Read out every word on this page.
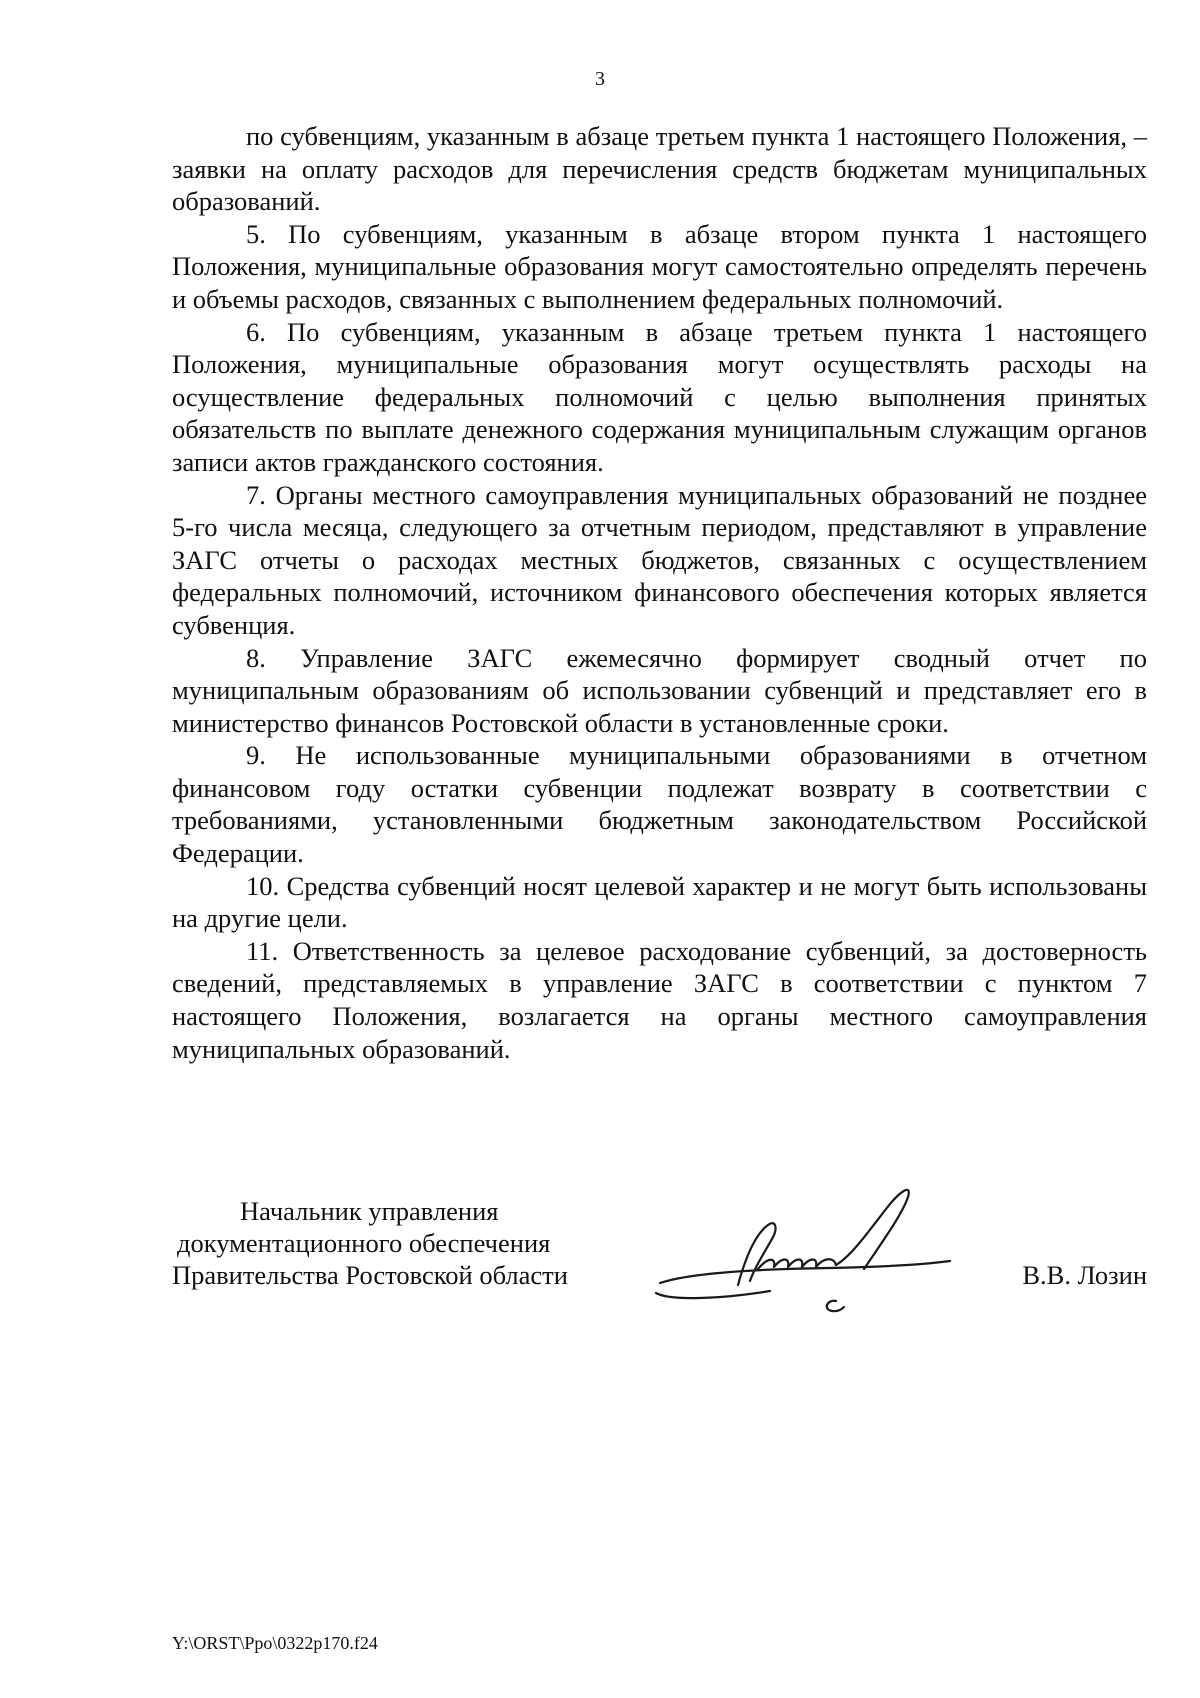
3

по субвенциям, указанным в абзаце третьем пункта 1 настоящего Положения, – заявки на оплату расходов для перечисления средств бюджетам муниципальных образований.

5. По субвенциям, указанным в абзаце втором пункта 1 настоящего Положения, муниципальные образования могут самостоятельно определять перечень и объемы расходов, связанных с выполнением федеральных полномочий.

6. По субвенциям, указанным в абзаце третьем пункта 1 настоящего Положения, муниципальные образования могут осуществлять расходы на осуществление федеральных полномочий с целью выполнения принятых обязательств по выплате денежного содержания муниципальным служащим органов записи актов гражданского состояния.

7. Органы местного самоуправления муниципальных образований не позднее 5-го числа месяца, следующего за отчетным периодом, представляют в управление ЗАГС отчеты о расходах местных бюджетов, связанных с осуществлением федеральных полномочий, источником финансового обеспечения которых является субвенция.

8. Управление ЗАГС ежемесячно формирует сводный отчет по муниципальным образованиям об использовании субвенций и представляет его в министерство финансов Ростовской области в установленные сроки.

9. Не использованные муниципальными образованиями в отчетном финансовом году остатки субвенции подлежат возврату в соответствии с требованиями, установленными бюджетным законодательством Российской Федерации.

10. Средства субвенций носят целевой характер и не могут быть использованы на другие цели.

11. Ответственность за целевое расходование субвенций, за достоверность сведений, представляемых в управление ЗАГС в соответствии с пунктом 7 настоящего Положения, возлагается на органы местного самоуправления муниципальных образований.

Начальник управления
документационного обеспечения
Правительства Ростовской области	В.В. Лозин
Y:\ORST\Ppo\0322p170.f24
